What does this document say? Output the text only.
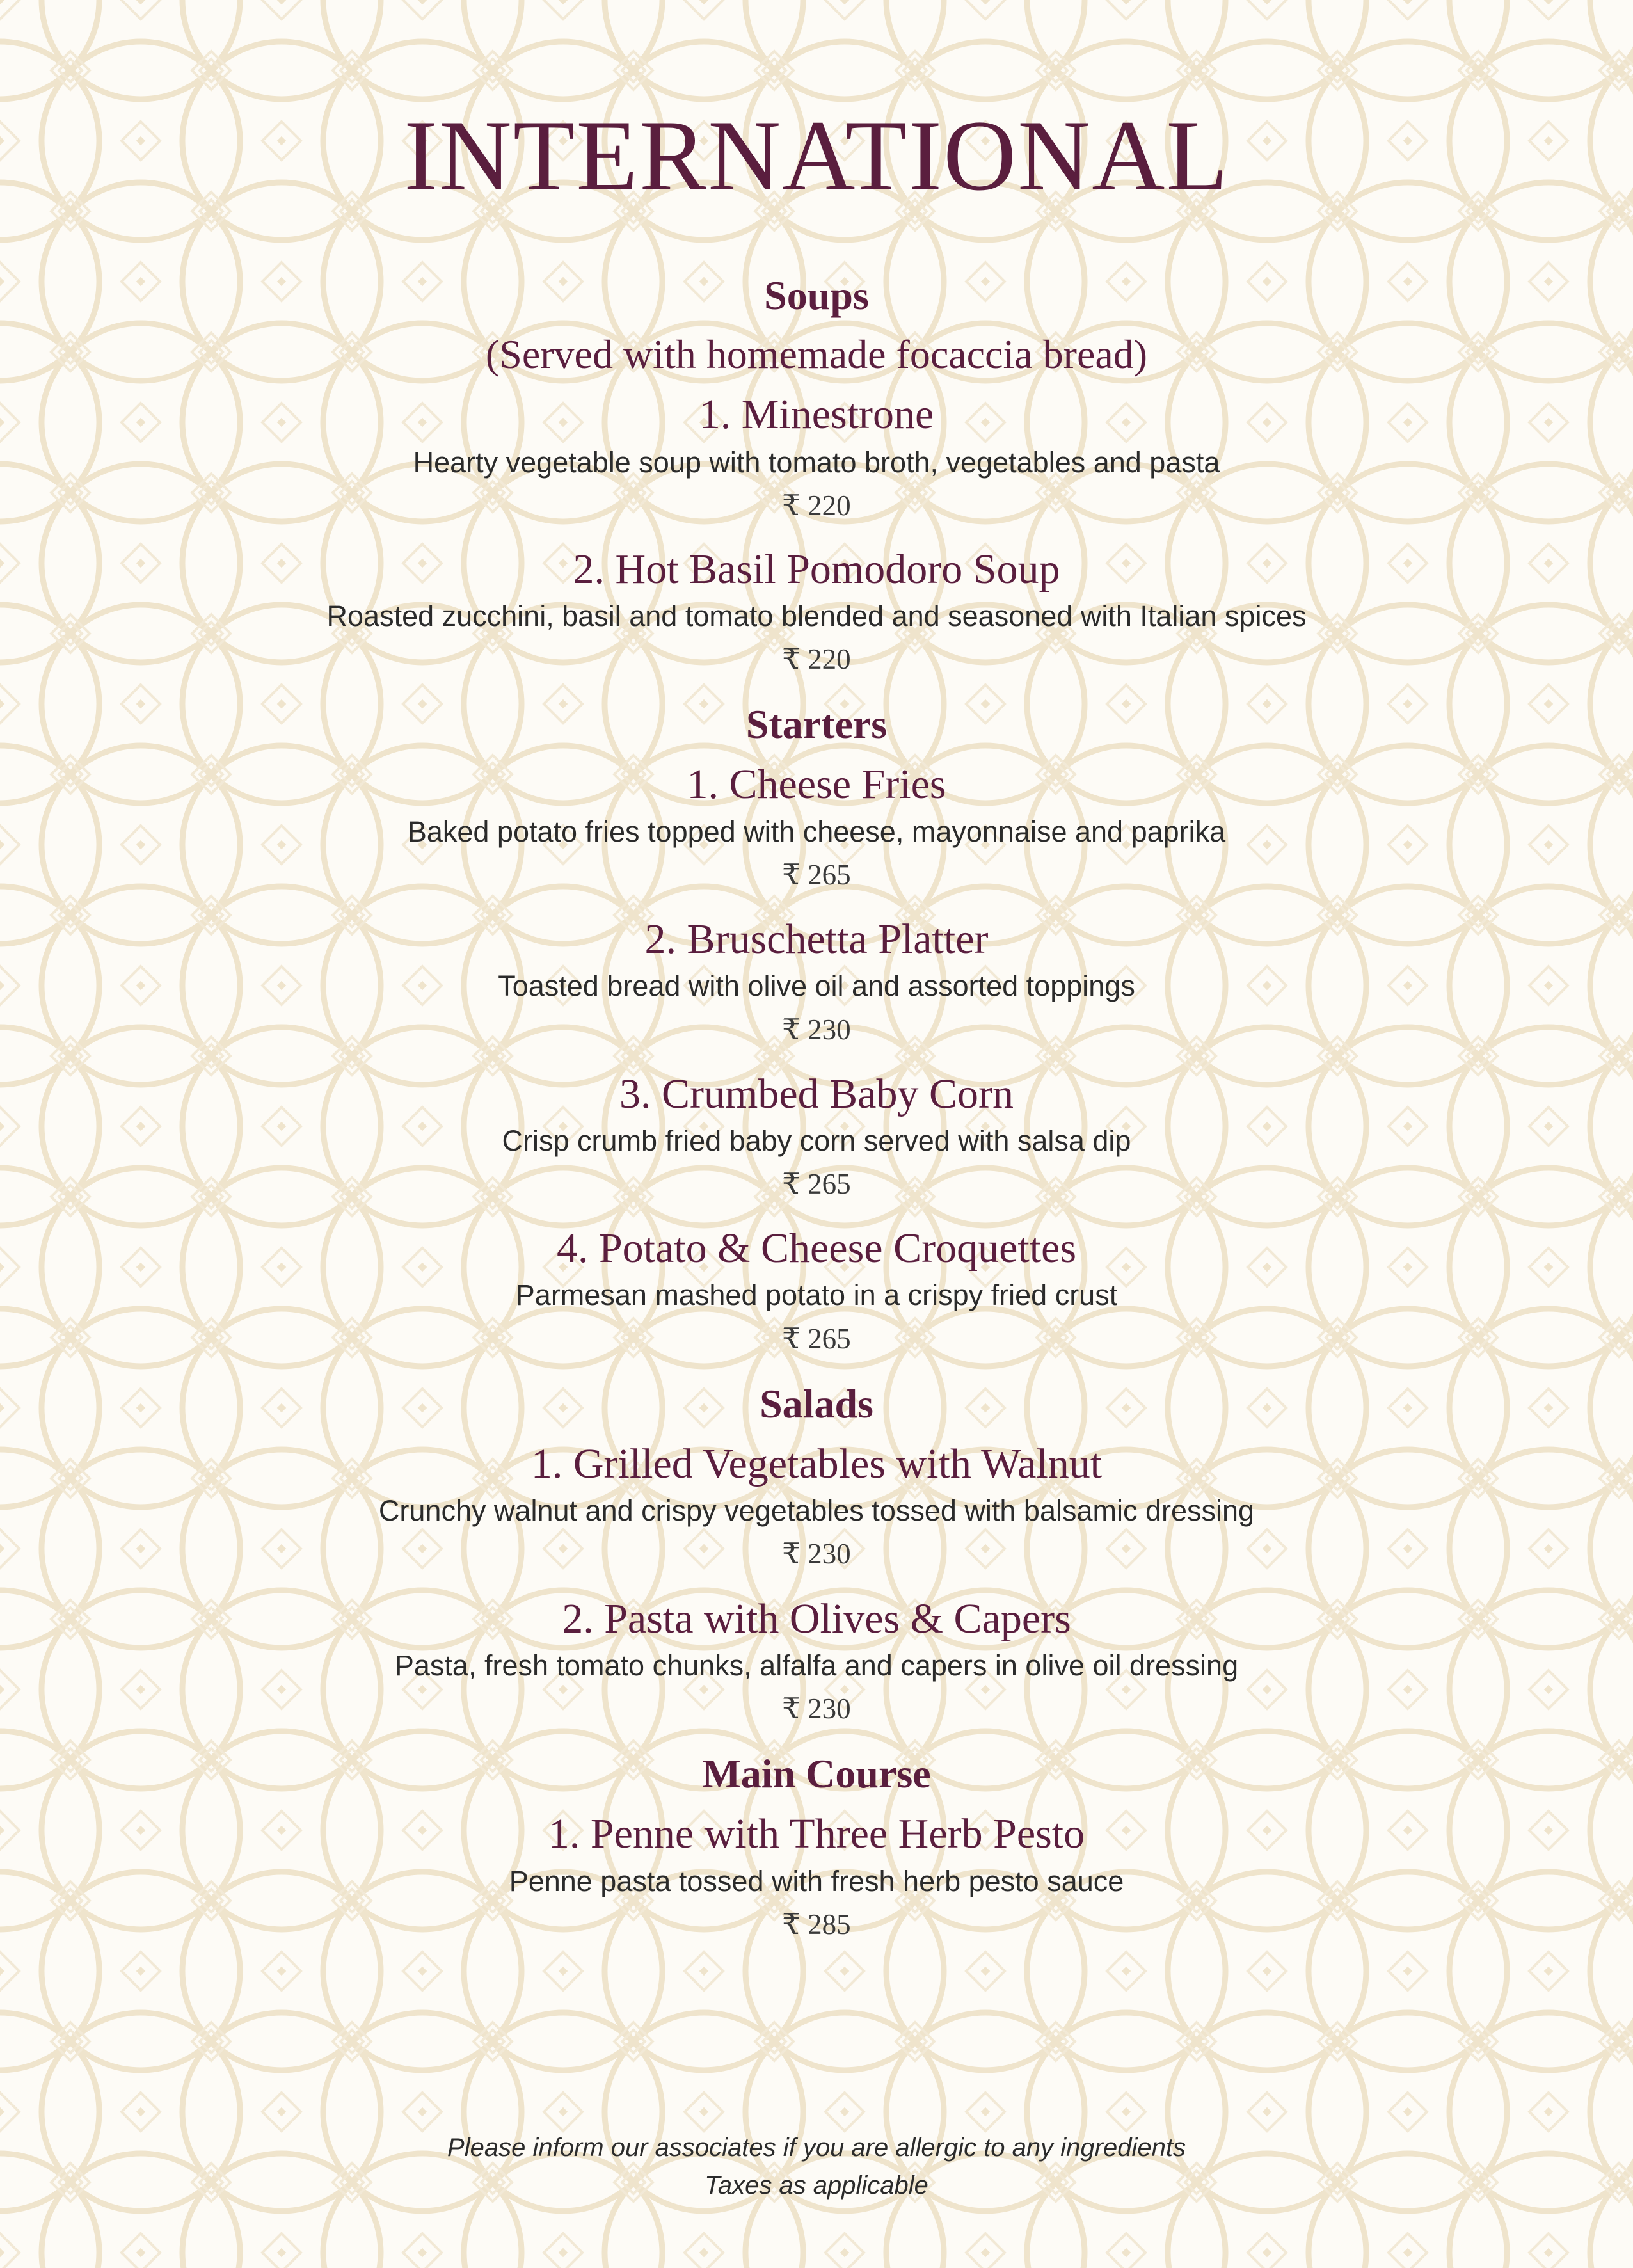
INTERNATIONAL
Soups
(Served with homemade focaccia bread)
1. Minestrone
Hearty vegetable soup with tomato broth, vegetables and pasta
₹ 220
2. Hot Basil Pomodoro Soup
Roasted zucchini, basil and tomato blended and seasoned with Italian spices
₹ 220
Starters
1. Cheese Fries
Baked potato fries topped with cheese, mayonnaise and paprika
₹ 265
2. Bruschetta Platter
Toasted bread with olive oil and assorted toppings
₹ 230
3. Crumbed Baby Corn
Crisp crumb fried baby corn served with salsa dip
₹ 265
4. Potato & Cheese Croquettes
Parmesan mashed potato in a crispy fried crust
₹ 265
Salads
1. Grilled Vegetables with Walnut
Crunchy walnut and crispy vegetables tossed with balsamic dressing
₹ 230
2. Pasta with Olives & Capers
Pasta, fresh tomato chunks, alfalfa and capers in olive oil dressing
₹ 230
Main Course
1. Penne with Three Herb Pesto
Penne pasta tossed with fresh herb pesto sauce
₹ 285
Please inform our associates if you are allergic to any ingredients
Taxes as applicable
